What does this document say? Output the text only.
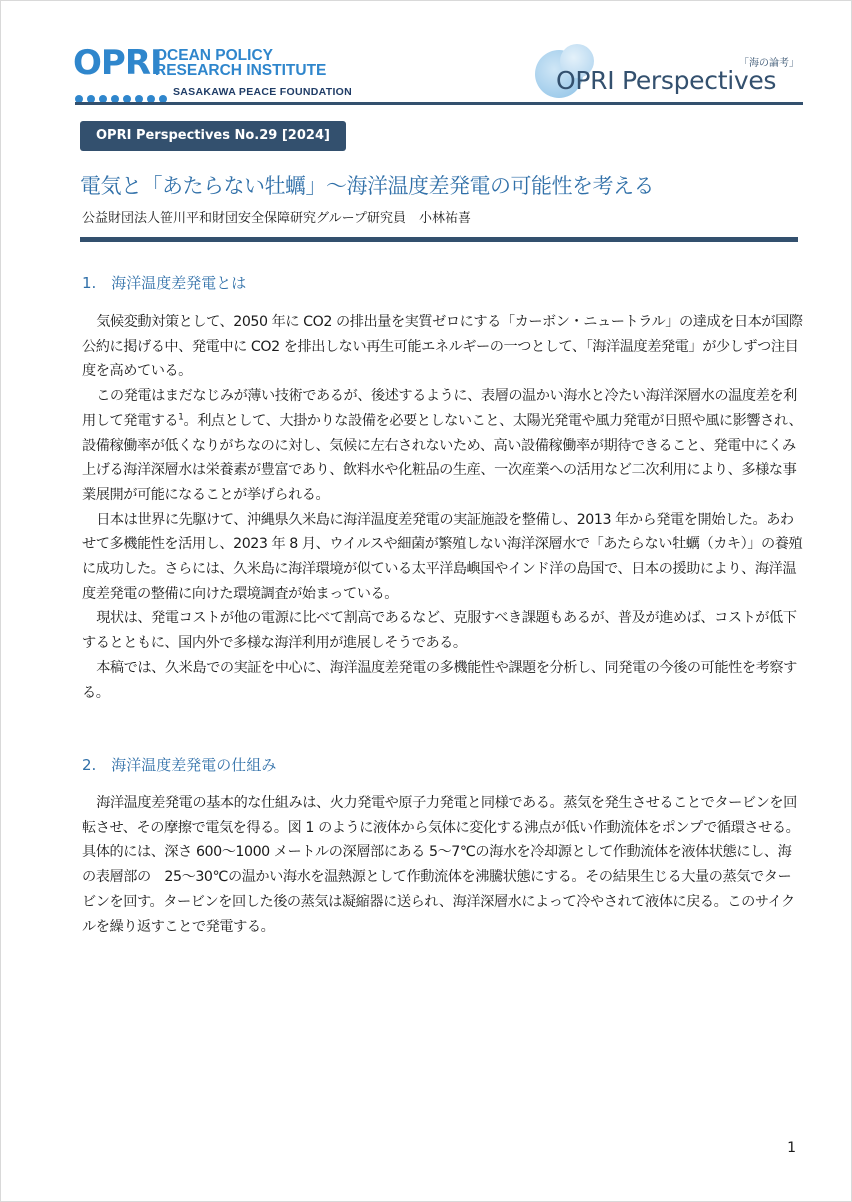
OPRI
OCEAN POLICY
RESEARCH INSTITUTE
SASAKAWA PEACE FOUNDATION
「海の論考」
OPRI Perspectives
OPRI Perspectives No.29 [2024]
電気と「あたらない牡蠣」～海洋温度差発電の可能性を考える
公益財団法人笹川平和財団安全保障研究グループ研究員　小林祐喜
1.　海洋温度差発電とは

気候変動対策として、2050 年に CO2 の排出量を実質ゼロにする「カーボン・ニュートラル」の達成を日本が国際公約に掲げる中、発電中に CO2 を排出しない再生可能エネルギーの一つとして、「海洋温度差発電」が少しずつ注目度を高めている。

この発電はまだなじみが薄い技術であるが、後述するように、表層の温かい海水と冷たい海洋深層水の温度差を利用して発電する$^1$。利点として、大掛かりな設備を必要としないこと、太陽光発電や風力発電が日照や風に影響され、設備稼働率が低くなりがちなのに対し、気候に左右されないため、高い設備稼働率が期待できること、発電中にくみ上げる海洋深層水は栄養素が豊富であり、飲料水や化粧品の生産、一次産業への活用など二次利用により、多様な事業展開が可能になることが挙げられる。

日本は世界に先駆けて、沖縄県久米島に海洋温度差発電の実証施設を整備し、2013 年から発電を開始した。あわせて多機能性を活用し、2023 年 8 月、ウイルスや細菌が繁殖しない海洋深層水で「あたらない牡蠣（カキ）」の養殖に成功した。さらには、久米島に海洋環境が似ている太平洋島嶼国やインド洋の島国で、日本の援助により、海洋温度差発電の整備に向けた環境調査が始まっている。

現状は、発電コストが他の電源に比べて割高であるなど、克服すべき課題もあるが、普及が進めば、コストが低下するとともに、国内外で多様な海洋利用が進展しそうである。

本稿では、久米島での実証を中心に、海洋温度差発電の多機能性や課題を分析し、同発電の今後の可能性を考察する。

2.　海洋温度差発電の仕組み

海洋温度差発電の基本的な仕組みは、火力発電や原子力発電と同様である。蒸気を発生させることでタービンを回転させ、その摩擦で電気を得る。図 1 のように液体から気体に変化する沸点が低い作動流体をポンプで循環させる。具体的には、深さ 600～1000 メートルの深層部にある 5～7℃の海水を冷却源として作動流体を液体状態にし、海の表層部の　25～30℃の温かい海水を温熱源として作動流体を沸騰状態にする。その結果生じる大量の蒸気でタービンを回す。タービンを回した後の蒸気は凝縮器に送られ、海洋深層水によって冷やされて液体に戻る。このサイクルを繰り返すことで発電する。

1
